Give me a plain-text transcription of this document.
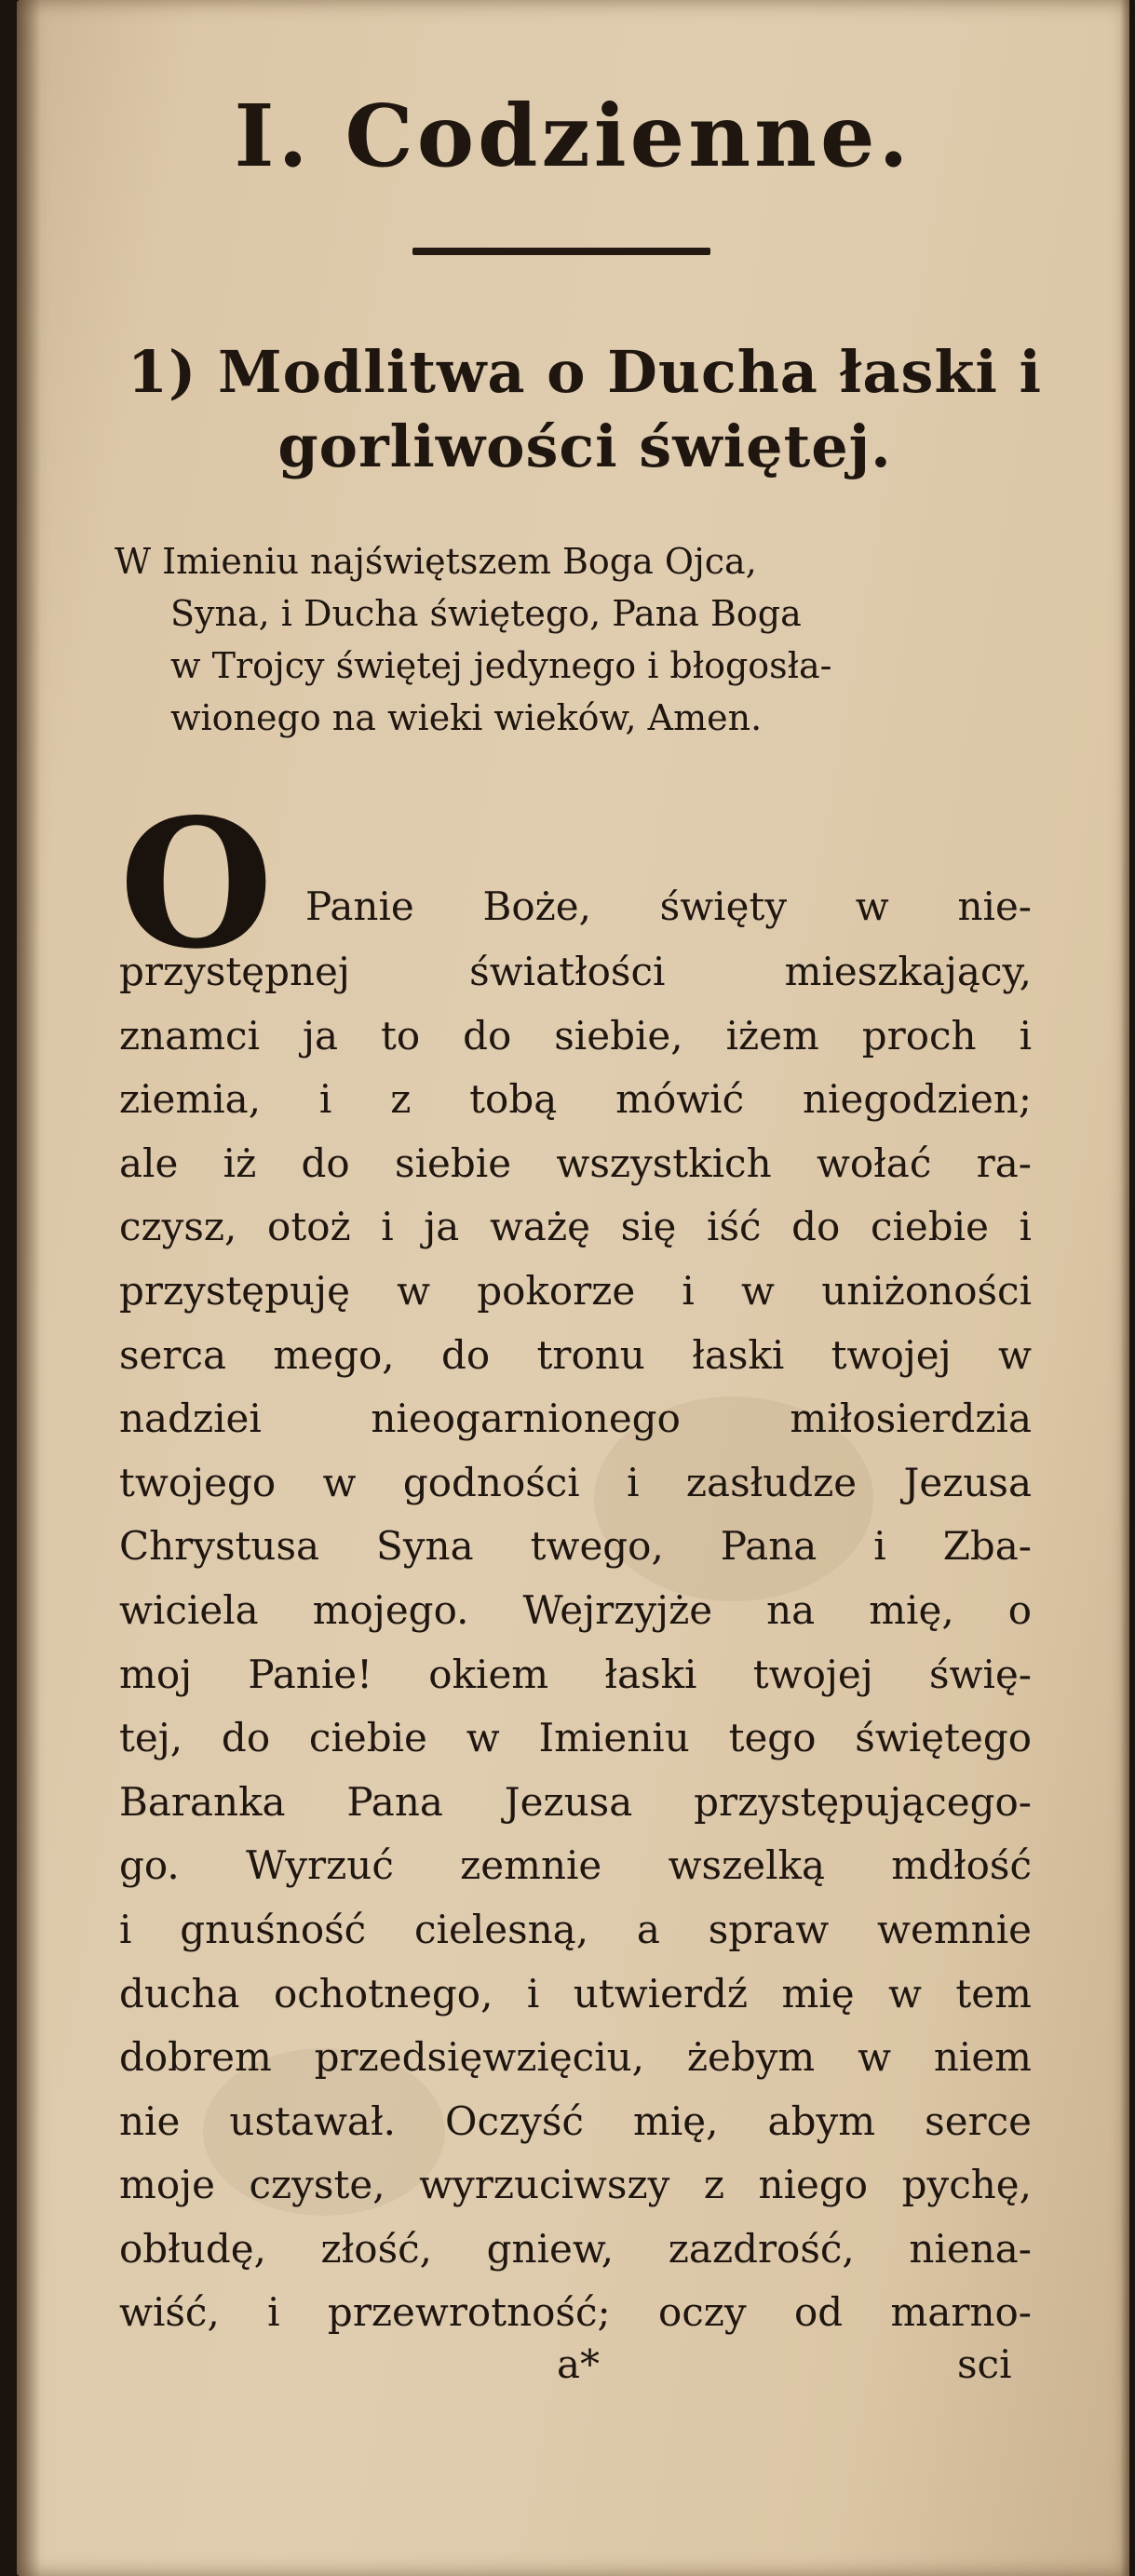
I. Codzienne.
1) Modlitwa o Ducha łaski i gorliwości świętej.
W Imieniu najświętszem Boga Ojca,
Syna, i Ducha świętego, Pana Boga
w Trojcy świętej jedynego i błogosła-
wionego na wieki wieków, Amen.
O Panie Boże, święty w nie-
przystępnej światłości mieszkający,
znamci ja to do siebie, iżem proch i
ziemia, i z tobą mówić niegodzien;
ale iż do siebie wszystkich wołać ra-
czysz, otoż i ja ważę się iść do ciebie i
przystępuję w pokorze i w uniżoności
serca mego, do tronu łaski twojej w
nadziei nieogarnionego miłosierdzia
twojego w godności i zasłudze Jezusa
Chrystusa Syna twego, Pana i Zba-
wiciela mojego. Wejrzyjże na mię, o
moj Panie! okiem łaski twojej świę-
tej, do ciebie w Imieniu tego świętego
Baranka Pana Jezusa przystępującego-
go. Wyrzuć zemnie wszelką mdłość
i gnuśność cielesną, a spraw wemnie
ducha ochotnego, i utwierdź mię w tem
dobrem przedsięwzięciu, żebym w niem
nie ustawał. Oczyść mię, abym serce
moje czyste, wyrzuciwszy z niego pychę,
obłudę, złość, gniew, zazdrość, niena-
wiść, i przewrotność; oczy od marno-
a*	sci
